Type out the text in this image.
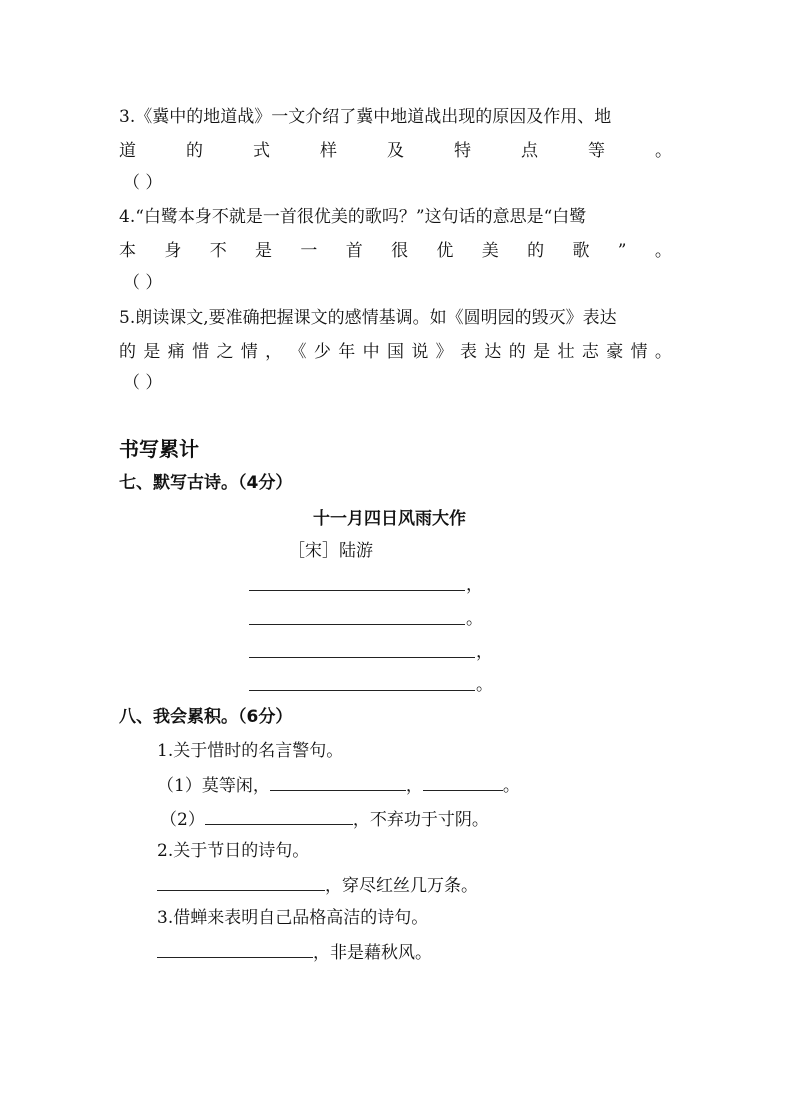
3.《冀中的地道战》一文介绍了冀中地道战出现的原因及作用、地
道	的	式	样	及	特	点	等	。
（ ）
4.“白鹭本身不就是一首很优美的歌吗？”这句话的意思是“白鹭
本 身 不 是 一 首 很 优 美 的 歌 ” 。
（ ）
5.朗读课文,要准确把握课文的感情基调。如《圆明园的毁灭》表达
的 是 痛 惜 之 情 ， 《 少 年 中 国 说 》 表 达 的 是 壮 志 豪 情 。
（ ）
书写累计
七、默写古诗。（4分）
十一月四日风雨大作
［宋］陆游
，
。
，
。
八、我会累积。（6分）
1.关于惜时的名言警句。
（1）莫等闲，	，	。
（2）	，不弃功于寸阴。
2.关于节日的诗句。
，穿尽红丝几万条。
3.借蝉来表明自己品格高洁的诗句。
，非是藉秋风。
